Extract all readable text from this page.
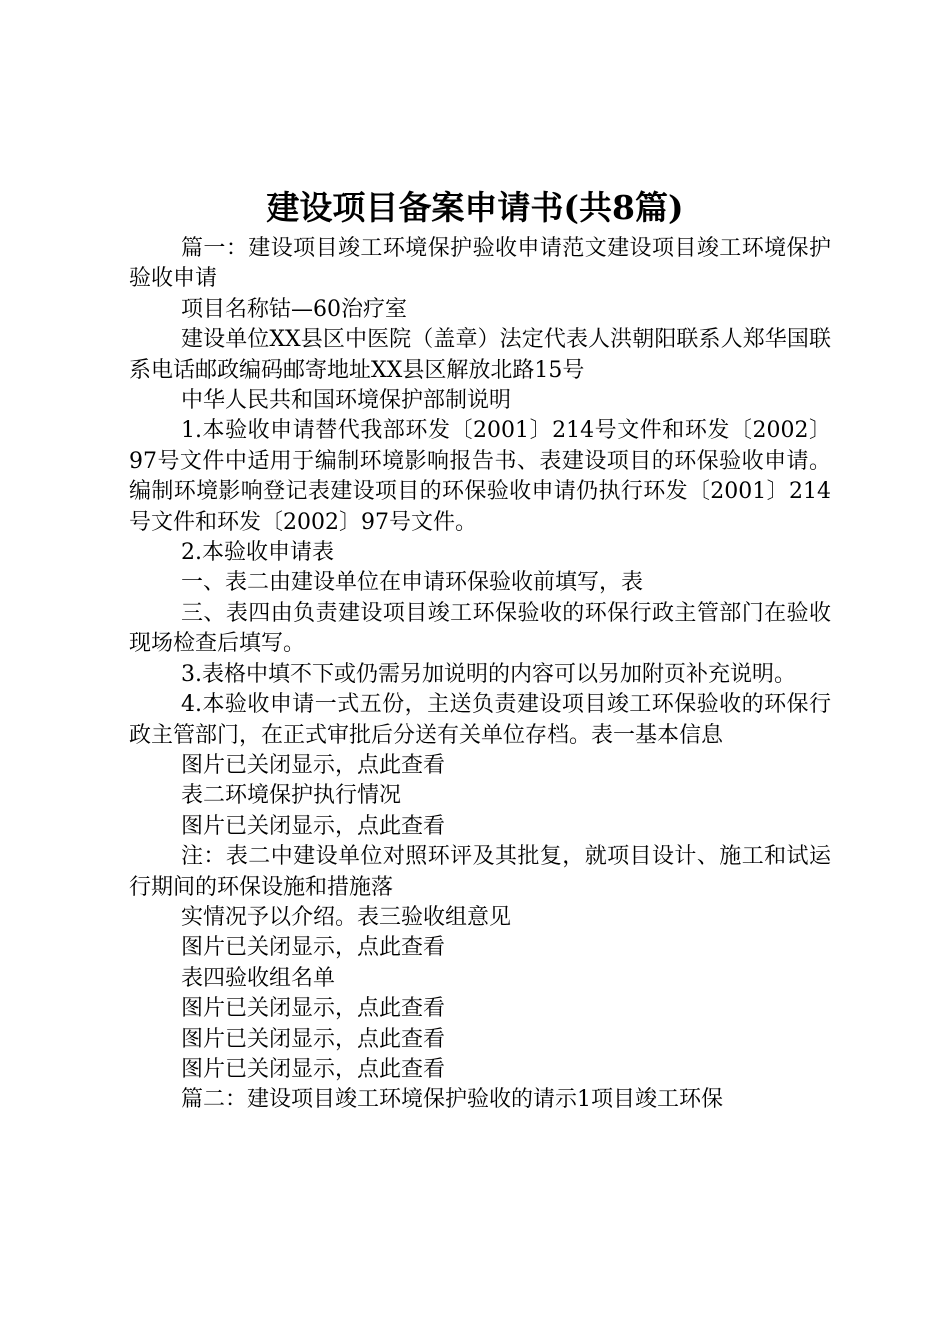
建设项目备案申请书(共8篇)

篇一：建设项目竣工环境保护验收申请范文建设项目竣工环境保护验收申请

项目名称钴—60治疗室

建设单位XX县区中医院（盖章）法定代表人洪朝阳联系人郑华国联系电话邮政编码邮寄地址XX县区解放北路15号

中华人民共和国环境保护部制说明

1.本验收申请替代我部环发〔2001〕214号文件和环发〔2002〕97号文件中适用于编制环境影响报告书、表建设项目的环保验收申请。编制环境影响登记表建设项目的环保验收申请仍执行环发〔2001〕214号文件和环发〔2002〕97号文件。

2.本验收申请表

一、表二由建设单位在申请环保验收前填写，表

三、表四由负责建设项目竣工环保验收的环保行政主管部门在验收现场检查后填写。

3.表格中填不下或仍需另加说明的内容可以另加附页补充说明。

4.本验收申请一式五份，主送负责建设项目竣工环保验收的环保行政主管部门，在正式审批后分送有关单位存档。表一基本信息

图片已关闭显示，点此查看

表二环境保护执行情况

图片已关闭显示，点此查看

注：表二中建设单位对照环评及其批复，就项目设计、施工和试运行期间的环保设施和措施落

实情况予以介绍。表三验收组意见

图片已关闭显示，点此查看

表四验收组名单

图片已关闭显示，点此查看

图片已关闭显示，点此查看

图片已关闭显示，点此查看

篇二：建设项目竣工环境保护验收的请示1项目竣工环保
